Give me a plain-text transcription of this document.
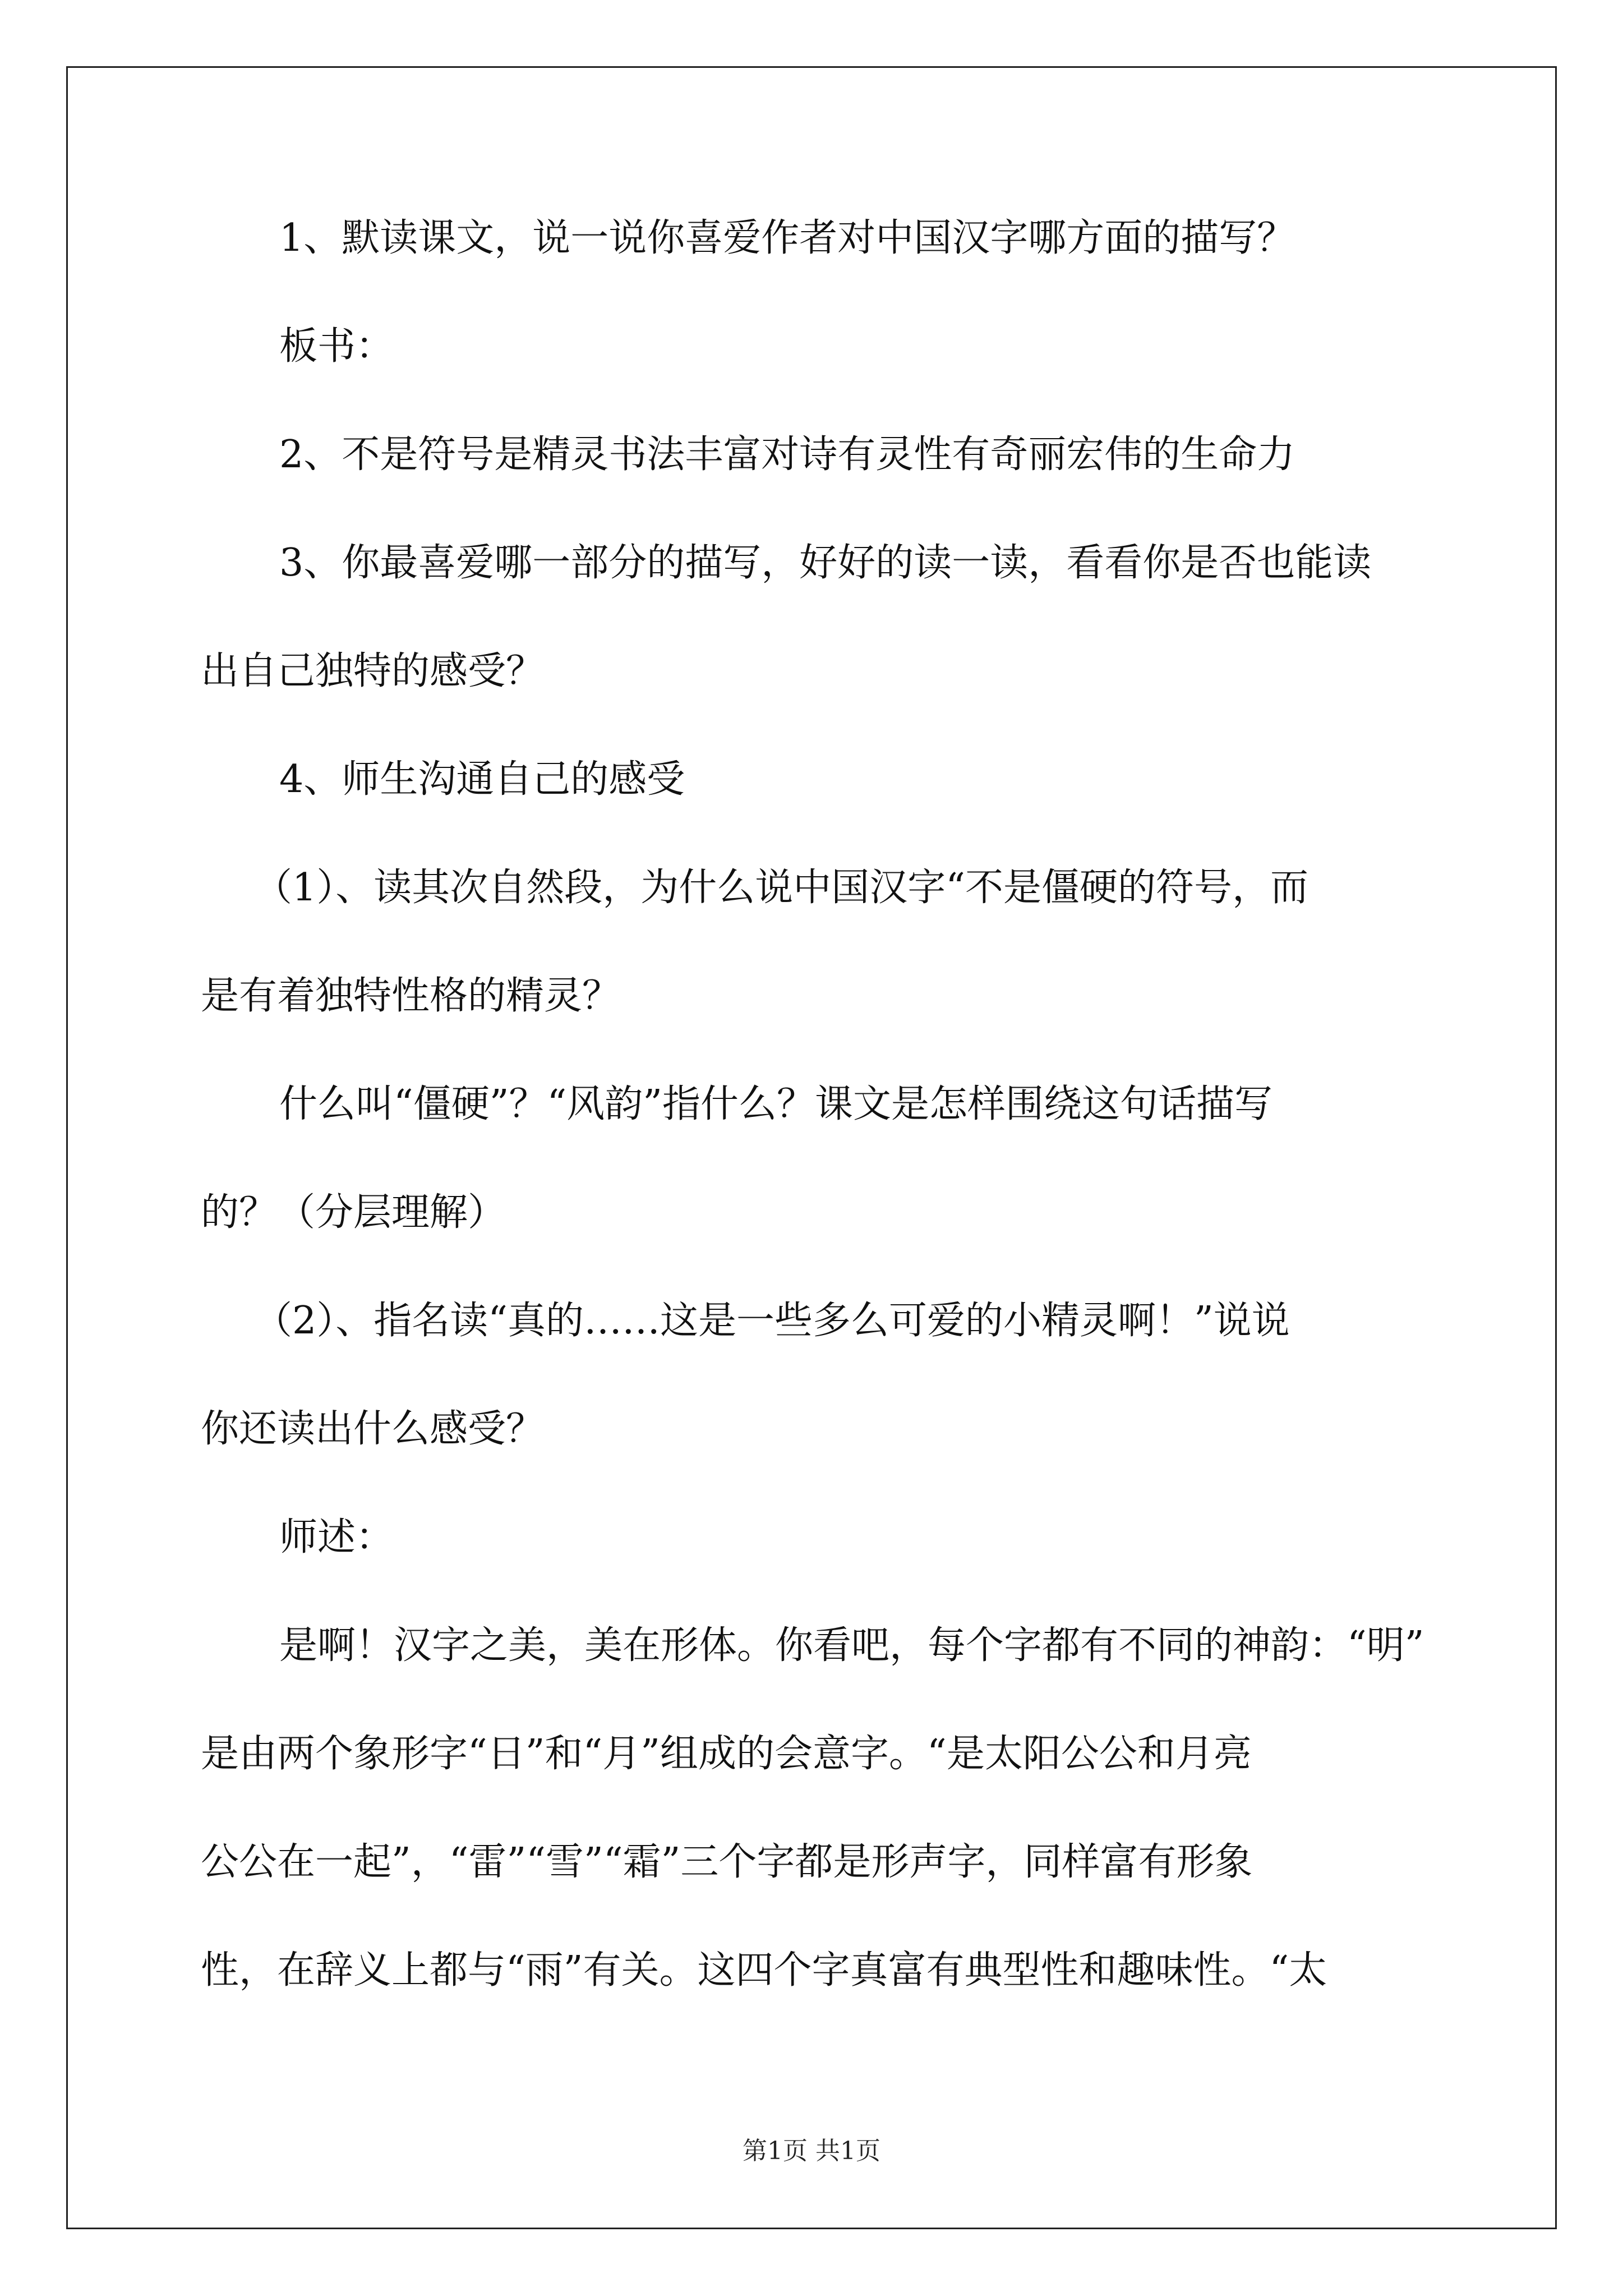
1、默读课文，说一说你喜爱作者对中国汉字哪方面的描写？
板书：
2、不是符号是精灵书法丰富对诗有灵性有奇丽宏伟的生命力
3、你最喜爱哪一部分的描写，好好的读一读，看看你是否也能读
出自己独特的感受？
4、师生沟通自己的感受
（1）、读其次自然段，为什么说中国汉字“不是僵硬的符号，而
是有着独特性格的精灵？
什么叫“僵硬”？“风韵”指什么？课文是怎样围绕这句话描写
的？（分层理解）
（2）、指名读“真的……这是一些多么可爱的小精灵啊！”说说
你还读出什么感受？
师述：
是啊！汉字之美，美在形体。你看吧，每个字都有不同的神韵：“明”
是由两个象形字“日”和“月”组成的会意字。“是太阳公公和月亮
公公在一起”，“雷”“雪”“霜”三个字都是形声字，同样富有形象
性，在辞义上都与“雨”有关。这四个字真富有典型性和趣味性。“太
第1页 共1页
